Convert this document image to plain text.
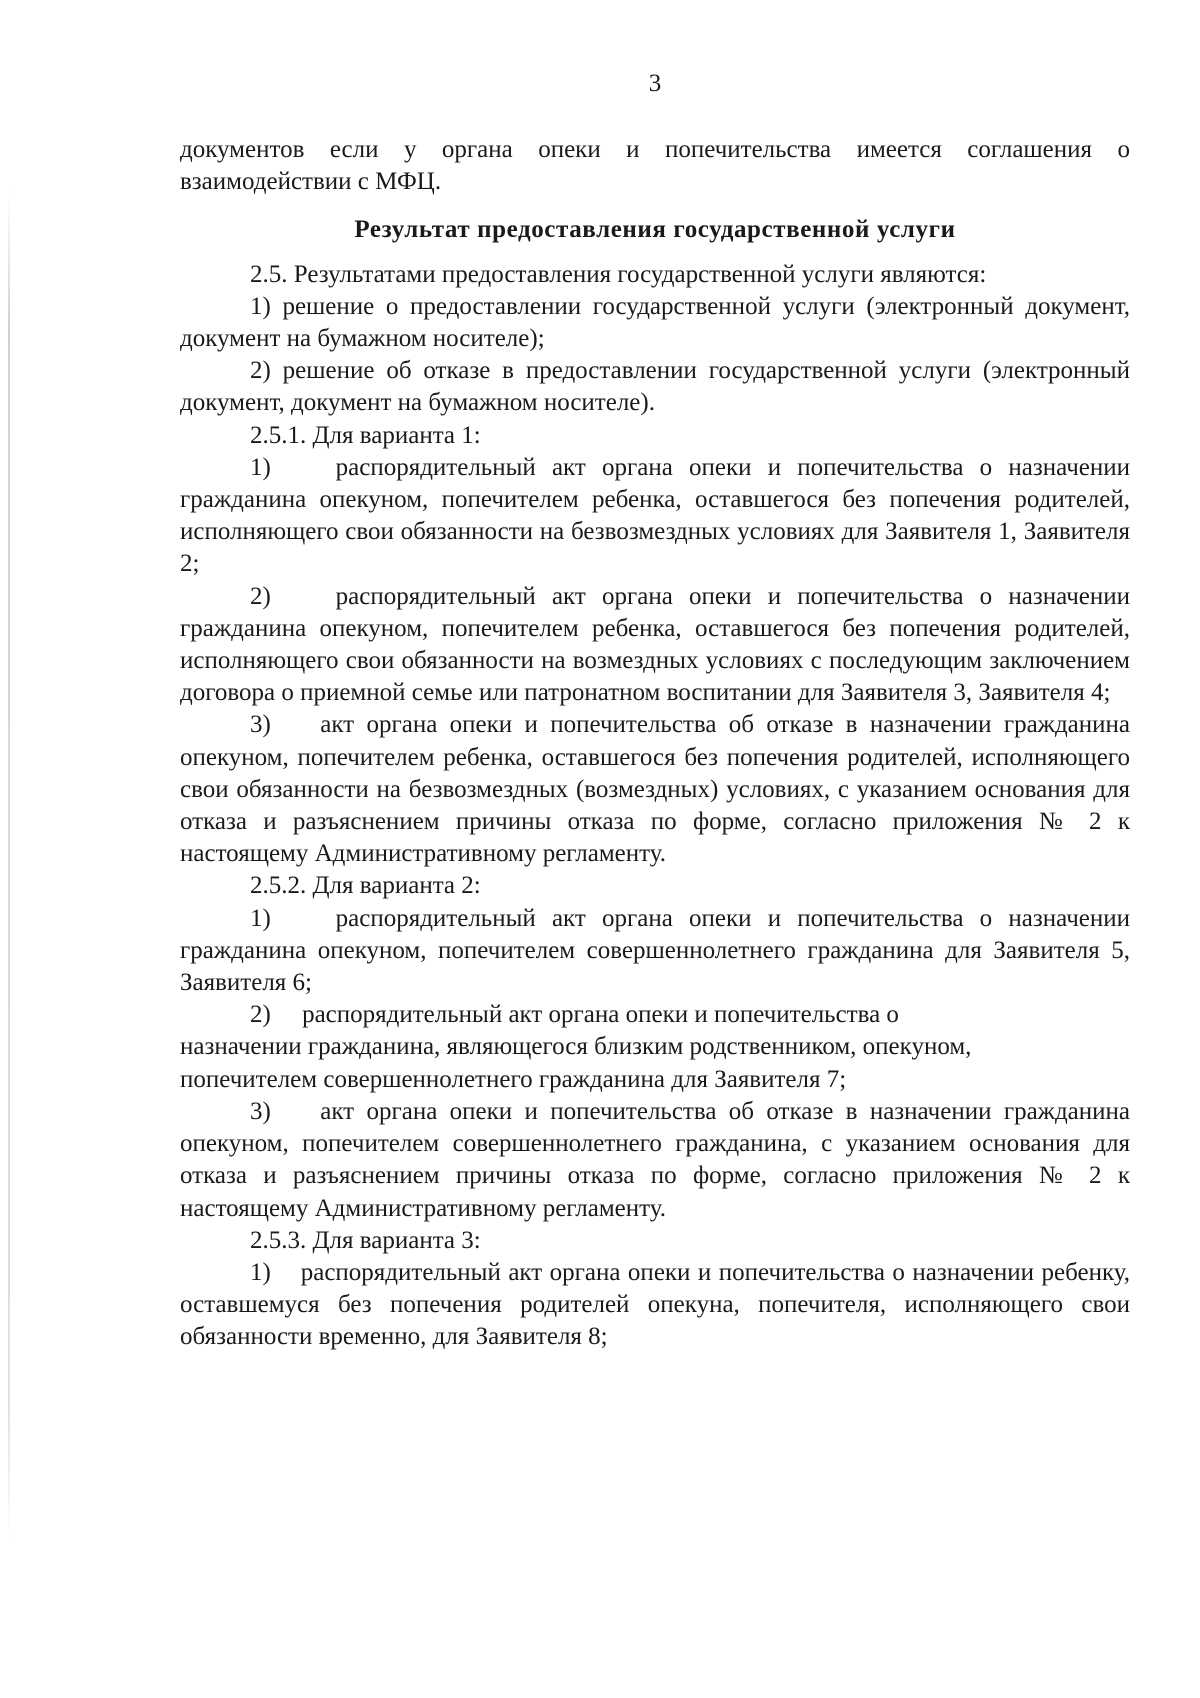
3

документов если у органа опеки и попечительства имеется соглашения о взаимодействии с МФЦ.

Результат предоставления государственной услуги

2.5. Результатами предоставления государственной услуги являются:

1) решение о предоставлении государственной услуги (электронный документ, документ на бумажном носителе);

2) решение об отказе в предоставлении государственной услуги (электронный документ, документ на бумажном носителе).

2.5.1. Для варианта 1:

1)    распорядительный акт органа опеки и попечительства о назначении гражданина опекуном, попечителем ребенка, оставшегося без попечения родителей, исполняющего свои обязанности на безвозмездных условиях для Заявителя 1, Заявителя 2;

2)    распорядительный акт органа опеки и попечительства о назначении гражданина опекуном, попечителем ребенка, оставшегося без попечения родителей, исполняющего свои обязанности на возмездных условиях с последующим заключением договора о приемной семье или патронатном воспитании для Заявителя 3, Заявителя 4;

3)    акт органа опеки и попечительства об отказе в назначении гражданина опекуном, попечителем ребенка, оставшегося без попечения родителей, исполняющего свои обязанности на безвозмездных (возмездных) условиях, с указанием основания для отказа и разъяснением причины отказа по форме, согласно приложения № 2 к настоящему Административному регламенту.

2.5.2. Для варианта 2:

1)    распорядительный акт органа опеки и попечительства о назначении гражданина опекуном, попечителем совершеннолетнего гражданина для Заявителя 5, Заявителя 6;

2)     распорядительный акт органа опеки и попечительства о

назначении гражданина, являющегося близким родственником, опекуном,

попечителем совершеннолетнего гражданина для Заявителя 7;

3)    акт органа опеки и попечительства об отказе в назначении гражданина опекуном, попечителем совершеннолетнего гражданина, с указанием основания для отказа и разъяснением причины отказа по форме, согласно приложения № 2 к настоящему Административному регламенту.

2.5.3. Для варианта 3:

1)    распорядительный акт органа опеки и попечительства о назначении ребенку, оставшемуся без попечения родителей опекуна, попечителя, исполняющего свои обязанности временно, для Заявителя 8;
